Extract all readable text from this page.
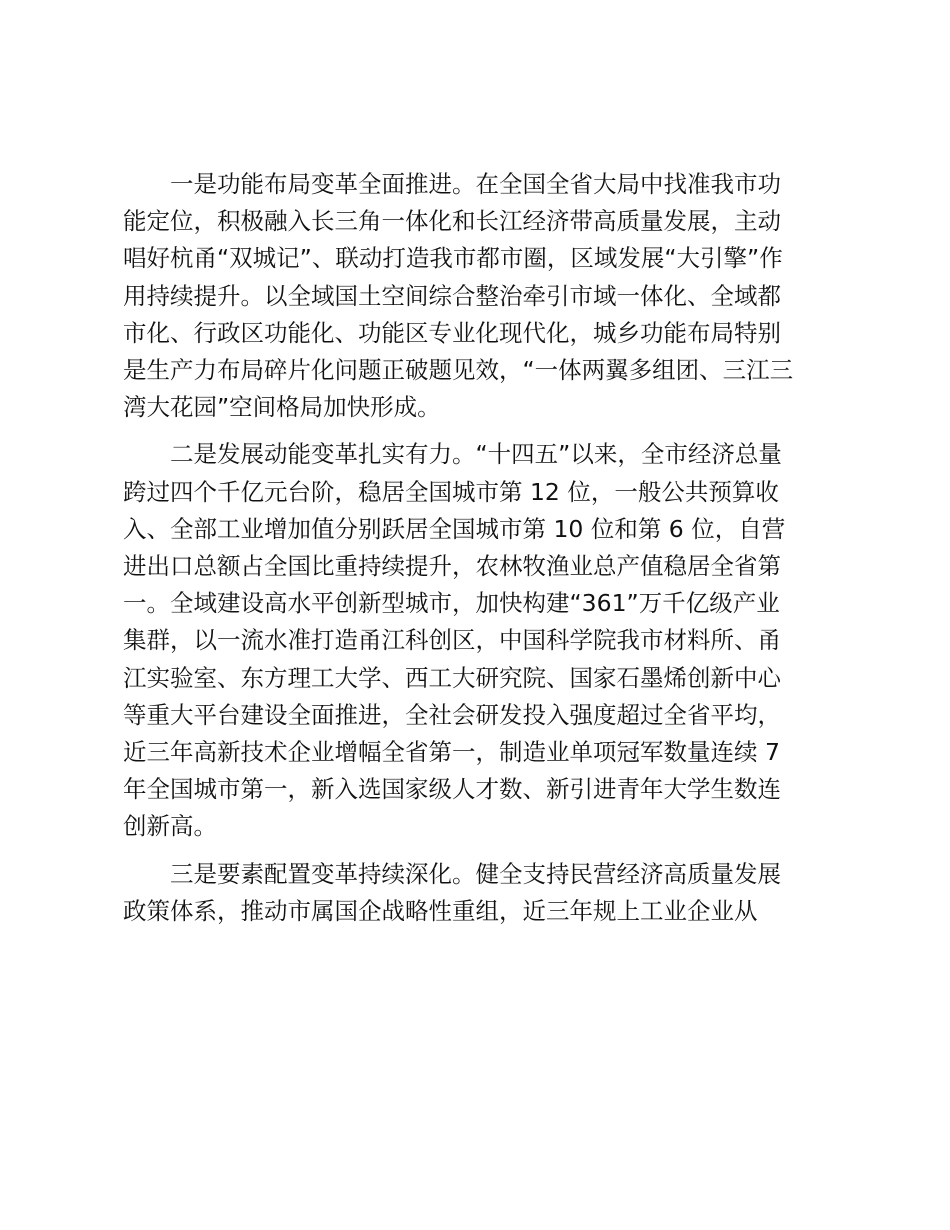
　　一是功能布局变革全面推进。在全国全省大局中找准我市功
能定位，积极融入长三角一体化和长江经济带高质量发展，主动
唱好杭甬“双城记”、联动打造我市都市圈，区域发展“大引擎”作
用持续提升。以全域国土空间综合整治牵引市域一体化、全域都
市化、行政区功能化、功能区专业化现代化，城乡功能布局特别
是生产力布局碎片化问题正破题见效，“一体两翼多组团、三江三
湾大花园”空间格局加快形成。

　　二是发展动能变革扎实有力。“十四五”以来，全市经济总量
跨过四个千亿元台阶，稳居全国城市第 12 位，一般公共预算收
入、全部工业增加值分别跃居全国城市第 10 位和第 6 位，自营
进出口总额占全国比重持续提升，农林牧渔业总产值稳居全省第
一。全域建设高水平创新型城市，加快构建“361”万千亿级产业
集群，以一流水准打造甬江科创区，中国科学院我市材料所、甬
江实验室、东方理工大学、西工大研究院、国家石墨烯创新中心
等重大平台建设全面推进，全社会研发投入强度超过全省平均，
近三年高新技术企业增幅全省第一，制造业单项冠军数量连续 7
年全国城市第一，新入选国家级人才数、新引进青年大学生数连
创新高。

　　三是要素配置变革持续深化。健全支持民营经济高质量发展
政策体系，推动市属国企战略性重组，近三年规上工业企业从
